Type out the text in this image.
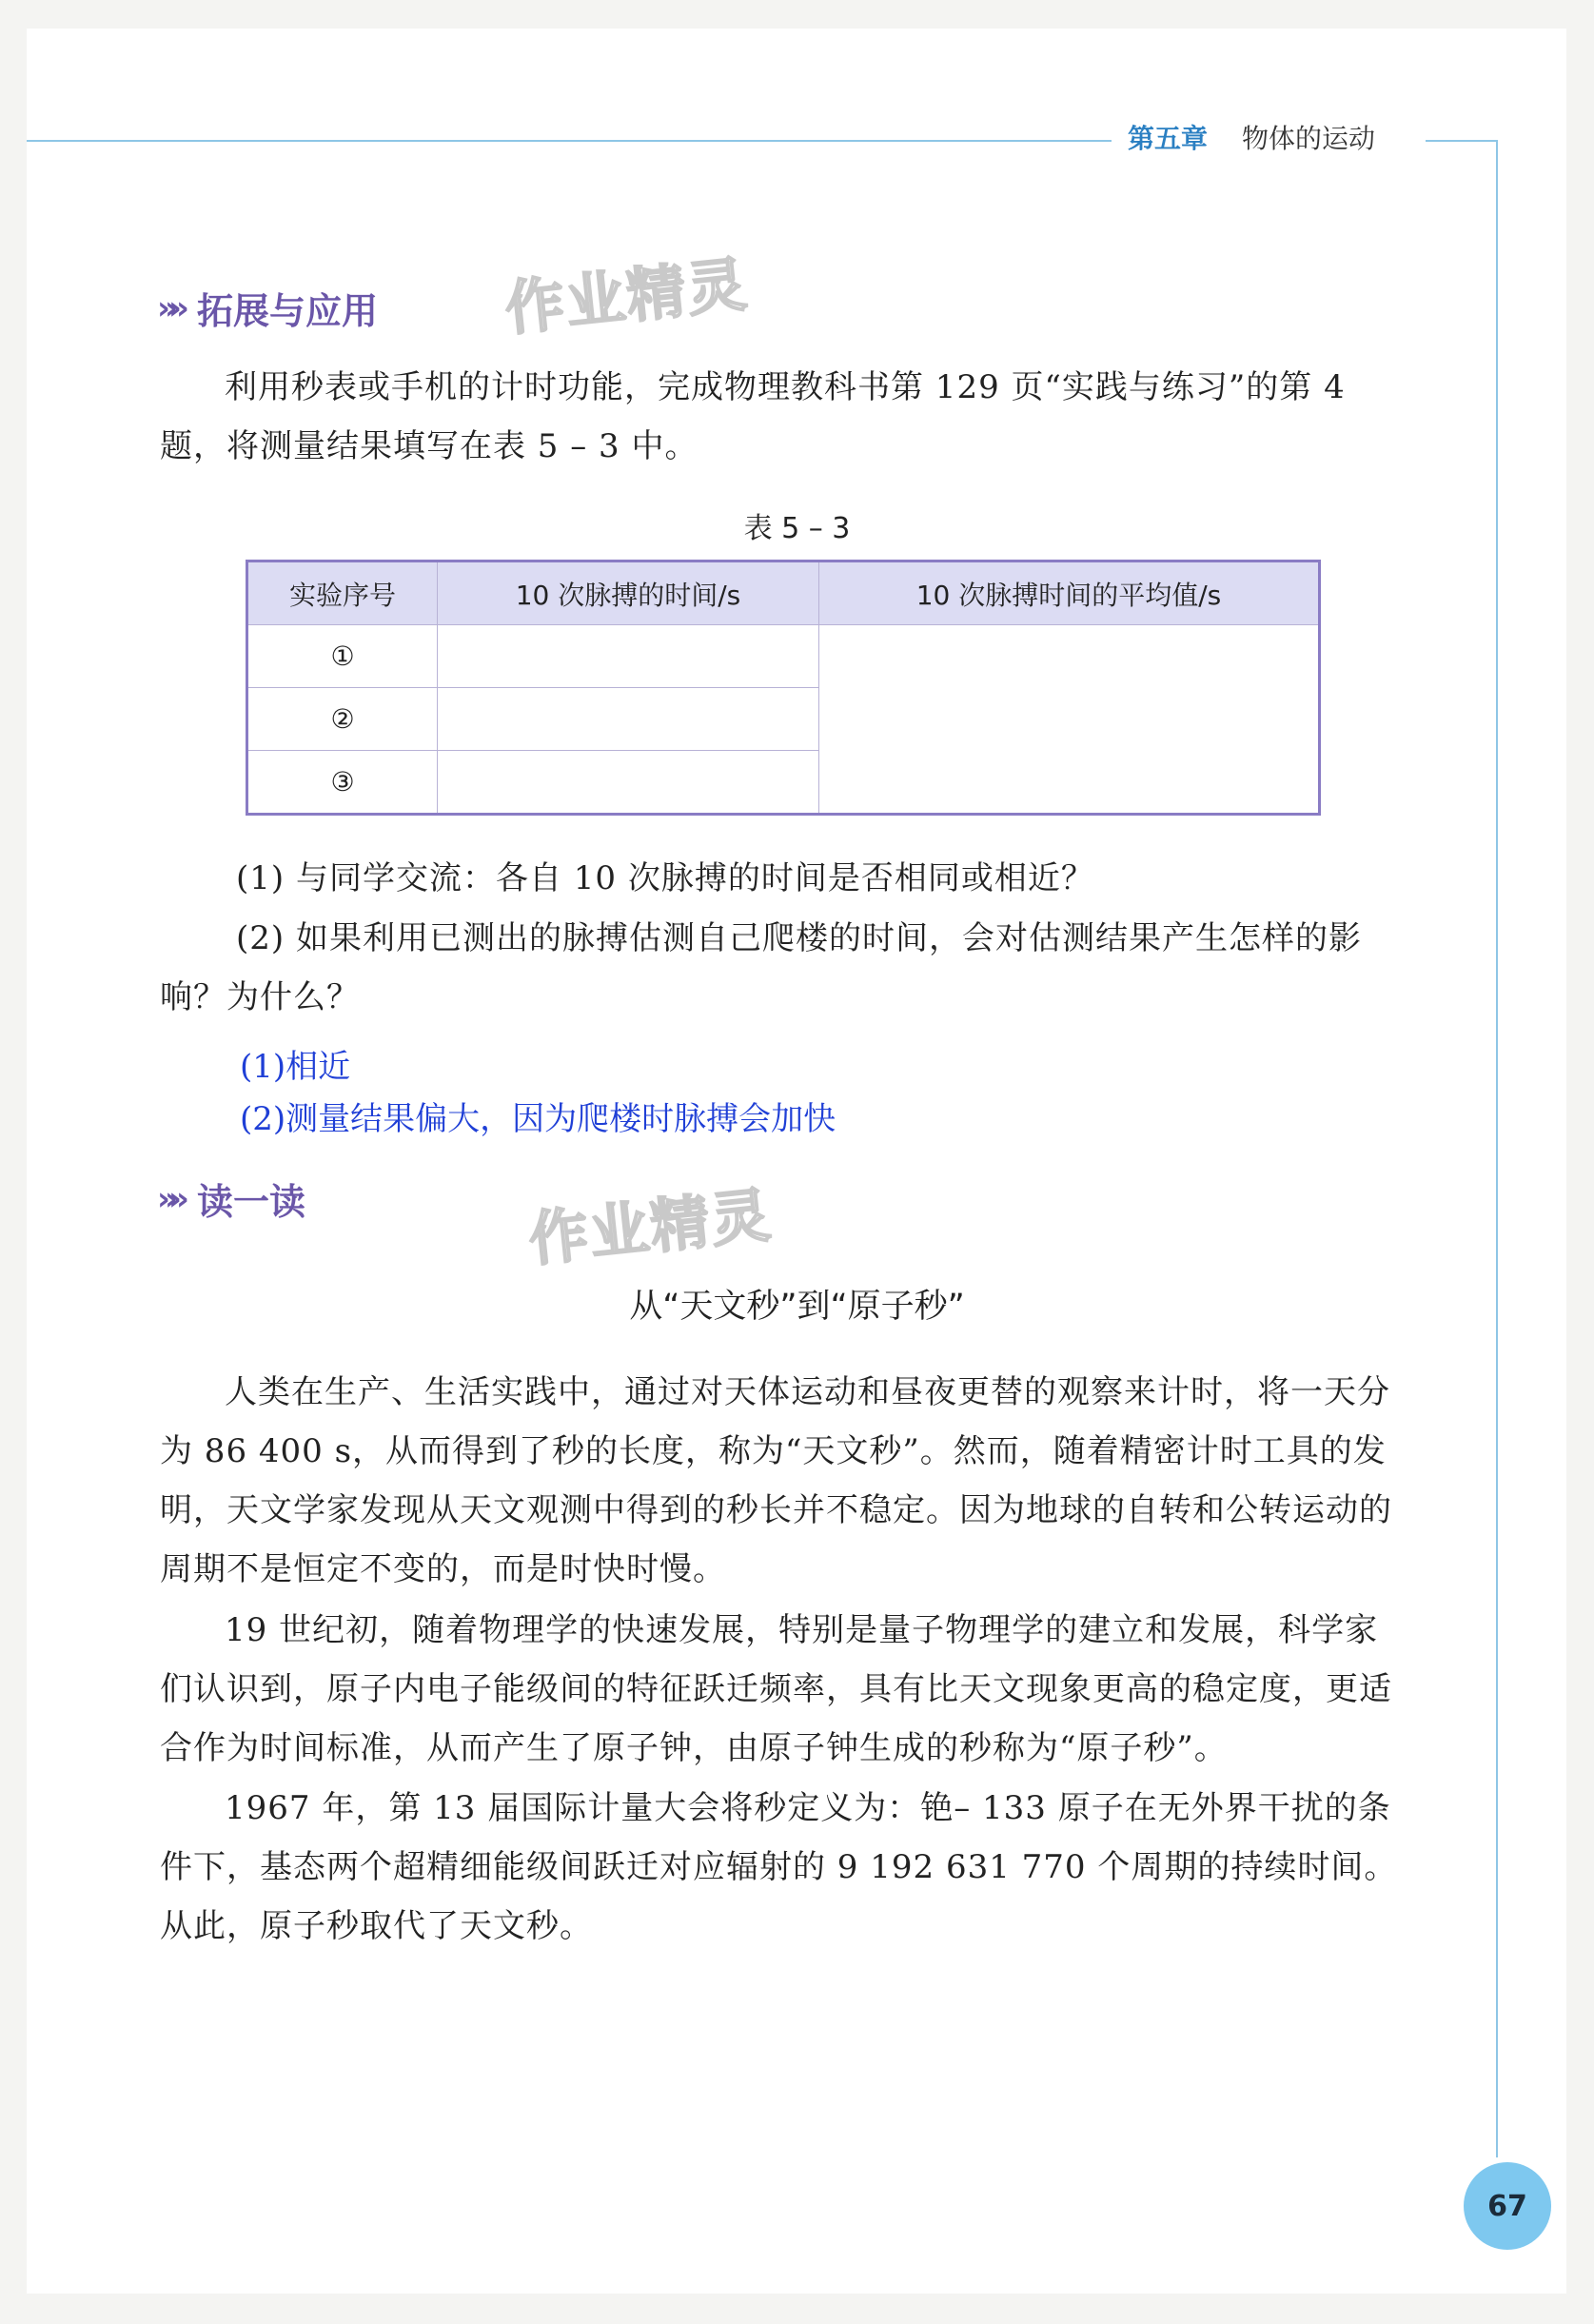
第五章 物体的运动
»» 拓展与应用 作业精灵
利用秒表或手机的计时功能，完成物理教科书第 129 页“实践与练习”的第 4 题，将测量结果填写在表 5 – 3 中。
表 5 – 3
实验序号	10 次脉搏的时间/s	10 次脉搏时间的平均值/s
①		
②		
③		
(1) 与同学交流：各自 10 次脉搏的时间是否相同或相近？
(2) 如果利用已测出的脉搏估测自己爬楼的时间，会对估测结果产生怎样的影响？为什么？
(1)相近
(2)测量结果偏大，因为爬楼时脉搏会加快
»» 读一读	作业精灵
从“天文秒”到“原子秒”
人类在生产、生活实践中，通过对天体运动和昼夜更替的观察来计时，将一天分为 86 400 s，从而得到了秒的长度，称为“天文秒”。然而，随着精密计时工具的发明，天文学家发现从天文观测中得到的秒长并不稳定。因为地球的自转和公转运动的周期不是恒定不变的，而是时快时慢。
19 世纪初，随着物理学的快速发展，特别是量子物理学的建立和发展，科学家们认识到，原子内电子能级间的特征跃迁频率，具有比天文现象更高的稳定度，更适合作为时间标准，从而产生了原子钟，由原子钟生成的秒称为“原子秒”。
1967 年，第 13 届国际计量大会将秒定义为：铯– 133 原子在无外界干扰的条件下，基态两个超精细能级间跃迁对应辐射的 9 192 631 770 个周期的持续时间。从此，原子秒取代了天文秒。
67
